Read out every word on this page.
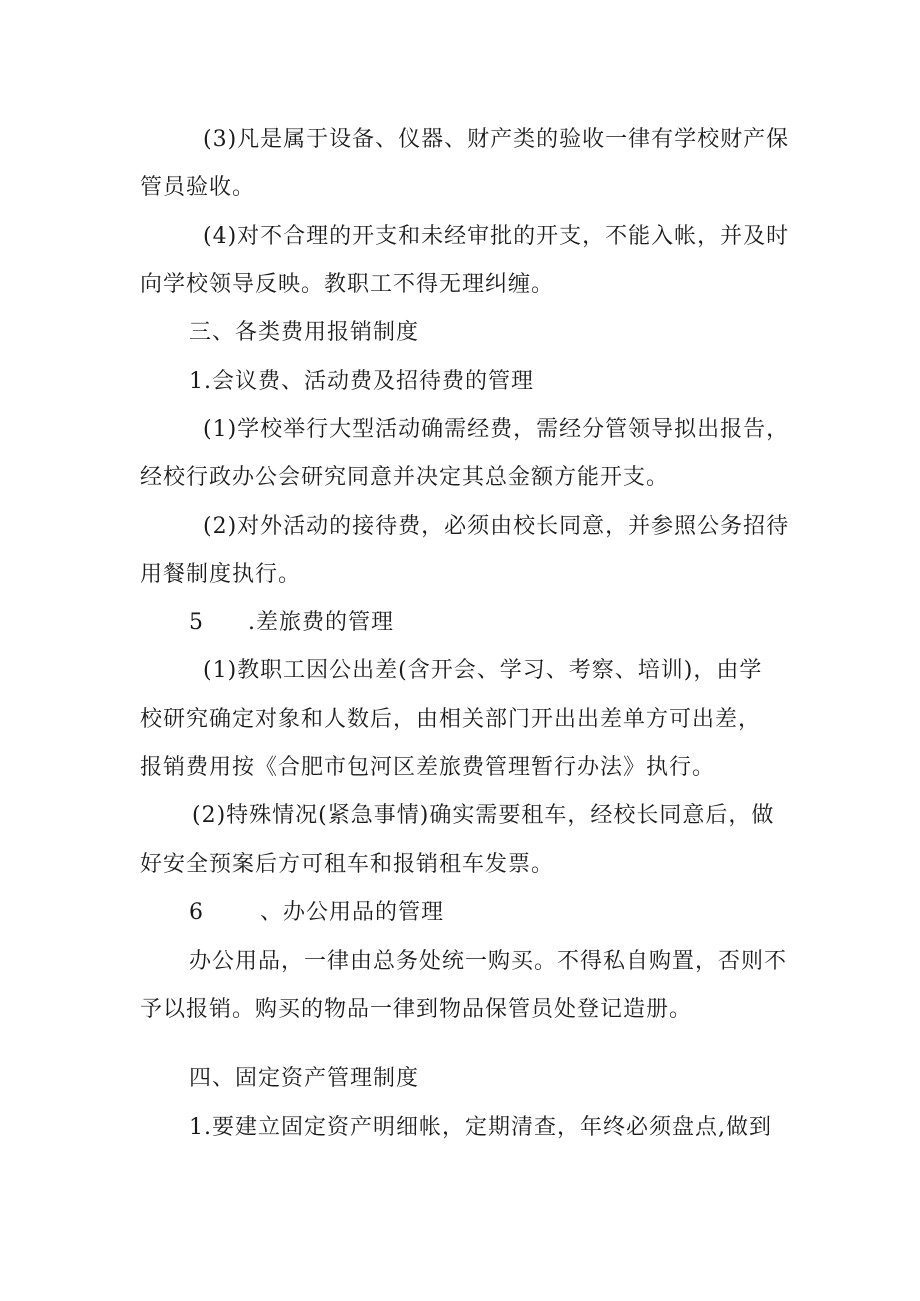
(3)凡是属于设备、仪器、财产类的验收一律有学校财产保
管员验收。
(4)对不合理的开支和未经审批的开支，不能入帐，并及时
向学校领导反映。教职工不得无理纠缠。
三、各类费用报销制度
1.会议费、活动费及招待费的管理
(1)学校举行大型活动确需经费，需经分管领导拟出报告，
经校行政办公会研究同意并决定其总金额方能开支。
(2)对外活动的接待费，必须由校长同意，并参照公务招待
用餐制度执行。
5 .差旅费的管理
(1)教职工因公出差(含开会、学习、考察、培训)，由学
校研究确定对象和人数后，由相关部门开出出差单方可出差，
报销费用按《合肥市包河区差旅费管理暂行办法》执行。
(2)特殊情况(紧急事情)确实需要租车，经校长同意后，做
好安全预案后方可租车和报销租车发票。
6	、办公用品的管理
办公用品，一律由总务处统一购买。不得私自购置，否则不
予以报销。购买的物品一律到物品保管员处登记造册。
四、固定资产管理制度
1.要建立固定资产明细帐，定期清查，年终必须盘点,做到
